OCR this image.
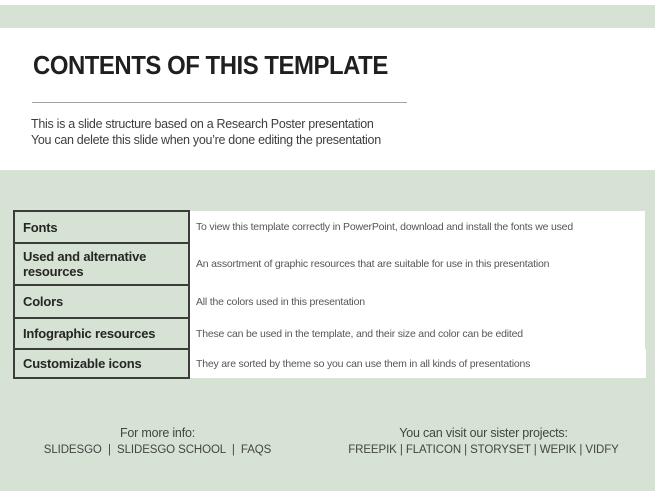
CONTENTS OF THIS TEMPLATE
This is a slide structure based on a Research Poster presentation
You can delete this slide when you’re done editing the presentation
Fonts	To view this template correctly in PowerPoint, download and install the fonts we used
Used and alternative resources	An assortment of graphic resources that are suitable for use in this presentation
Colors	All the colors used in this presentation
Infographic resources	These can be used in the template, and their size and color can be edited
Customizable icons	They are sorted by theme so you can use them in all kinds of presentations
For more info:
SLIDESGO  |  SLIDESGO SCHOOL  |  FAQS
You can visit our sister projects:
FREEPIK | FLATICON | STORYSET | WEPIK | VIDFY
